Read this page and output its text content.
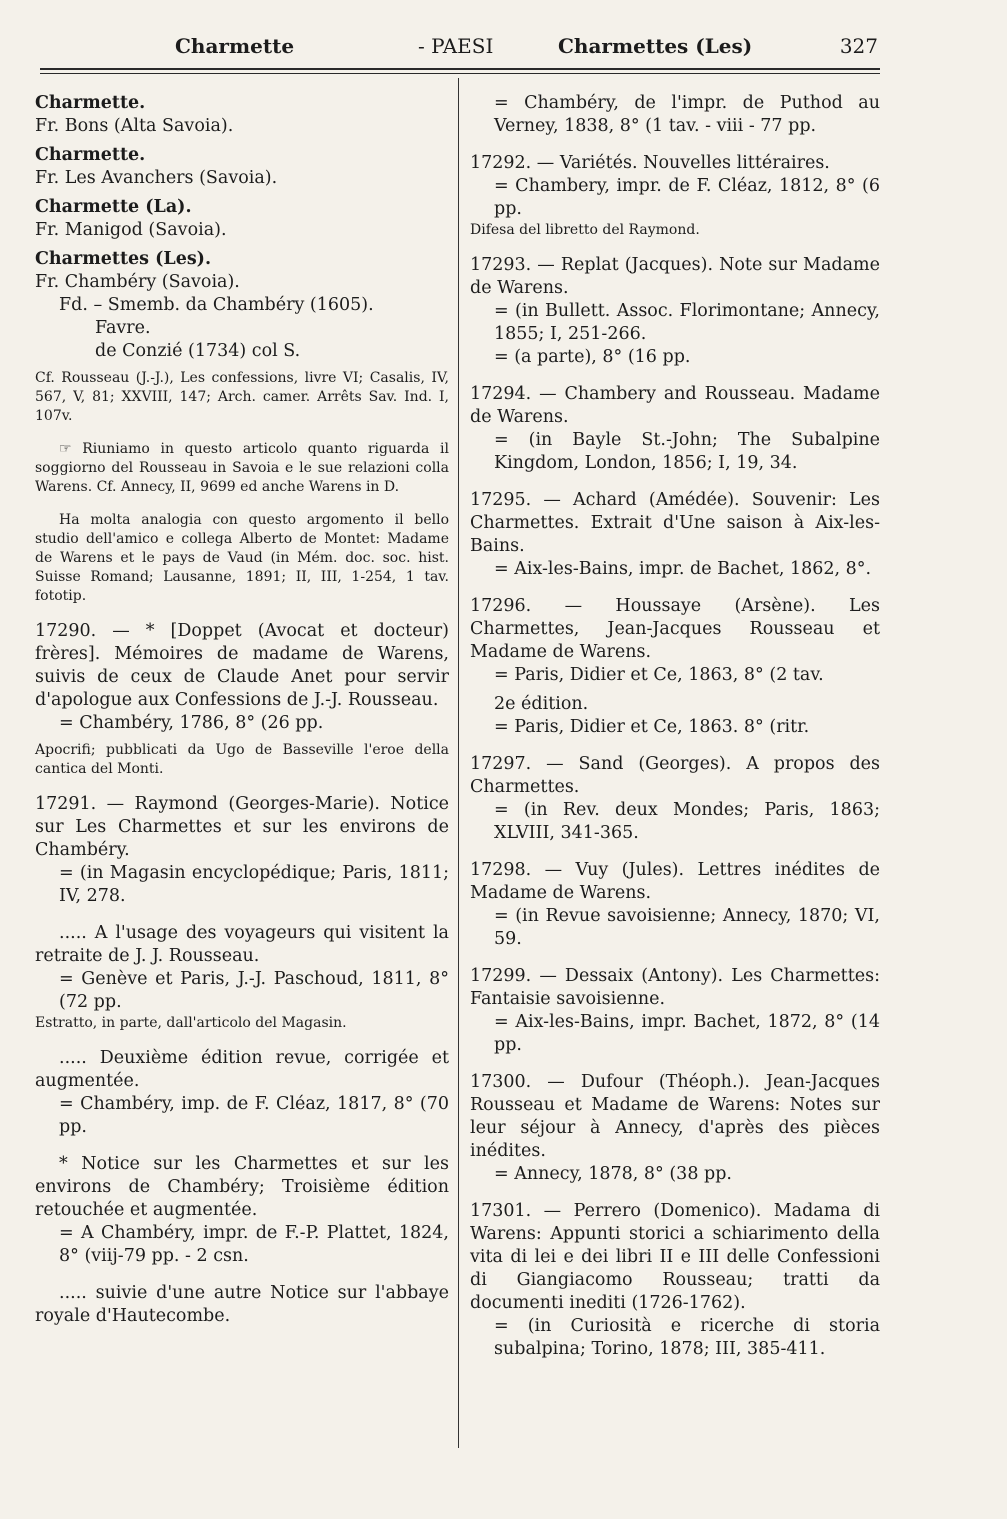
Charmette	- PAESI	Charmettes (Les)	327

Charmette.

Fr. Bons (Alta Savoia).

Charmette.

Fr. Les Avanchers (Savoia).

Charmette (La).

Fr. Manigod (Savoia).

Charmettes (Les).

Fr. Chambéry (Savoia).

Fd. – Smemb. da Chambéry (1605).

Favre.

de Conzié (1734) col S.

Cf. Rousseau (J.-J.), Les confessions, livre VI; Casalis, IV, 567, V, 81; XXVIII, 147; Arch. camer. Arrêts Sav. Ind. I, 107v.

☞ Riuniamo in questo articolo quanto riguarda il soggiorno del Rousseau in Savoia e le sue relazioni colla Warens. Cf. Annecy, II, 9699 ed anche Warens in D.

Ha molta analogia con questo argomento il bello studio dell'amico e collega Alberto de Montet: Madame de Warens et le pays de Vaud (in Mém. doc. soc. hist. Suisse Romand; Lausanne, 1891; II, III, 1-254, 1 tav. fototip.

17290. — * [Doppet (Avocat et docteur) frères]. Mémoires de madame de Warens, suivis de ceux de Claude Anet pour servir d'apologue aux Confessions de J.-J. Rousseau.

= Chambéry, 1786, 8° (26 pp.

Apocrifi; pubblicati da Ugo de Basseville l'eroe della cantica del Monti.

17291. — Raymond (Georges-Marie). Notice sur Les Charmettes et sur les environs de Chambéry.

= (in Magasin encyclopédique; Paris, 1811; IV, 278.

..... A l'usage des voyageurs qui visitent la retraite de J. J. Rousseau.

= Genève et Paris, J.-J. Paschoud, 1811, 8° (72 pp.

Estratto, in parte, dall'articolo del Magasin.

..... Deuxième édition revue, corrigée et augmentée.

= Chambéry, imp. de F. Cléaz, 1817, 8° (70 pp.

* Notice sur les Charmettes et sur les environs de Chambéry; Troisième édition retouchée et augmentée.

= A Chambéry, impr. de F.-P. Plattet, 1824, 8° (viij-79 pp. - 2 csn.

..... suivie d'une autre Notice sur l'abbaye royale d'Hautecombe.

= Chambéry, de l'impr. de Puthod au Verney, 1838, 8° (1 tav. - viii - 77 pp.

17292. — Variétés. Nouvelles littéraires.

= Chambery, impr. de F. Cléaz, 1812, 8° (6 pp.

Difesa del libretto del Raymond.

17293. — Replat (Jacques). Note sur Madame de Warens.

= (in Bullett. Assoc. Florimontane; Annecy, 1855; I, 251-266.

= (a parte), 8° (16 pp.

17294. — Chambery and Rousseau. Madame de Warens.

= (in Bayle St.-John; The Subalpine Kingdom, London, 1856; I, 19, 34.

17295. — Achard (Amédée). Souvenir: Les Charmettes. Extrait d'Une saison à Aix-les-Bains.

= Aix-les-Bains, impr. de Bachet, 1862, 8°.

17296. — Houssaye (Arsène). Les Charmettes, Jean-Jacques Rousseau et Madame de Warens.

= Paris, Didier et Ce, 1863, 8° (2 tav.

2e édition.

= Paris, Didier et Ce, 1863. 8° (ritr.

17297. — Sand (Georges). A propos des Charmettes.

= (in Rev. deux Mondes; Paris, 1863; XLVIII, 341-365.

17298. — Vuy (Jules). Lettres inédites de Madame de Warens.

= (in Revue savoisienne; Annecy, 1870; VI, 59.

17299. — Dessaix (Antony). Les Charmettes: Fantaisie savoisienne.

= Aix-les-Bains, impr. Bachet, 1872, 8° (14 pp.

17300. — Dufour (Théoph.). Jean-Jacques Rousseau et Madame de Warens: Notes sur leur séjour à Annecy, d'après des pièces inédites.

= Annecy, 1878, 8° (38 pp.

17301. — Perrero (Domenico). Madama di Warens: Appunti storici a schiarimento della vita di lei e dei libri II e III delle Confessioni di Giangiacomo Rousseau; tratti da documenti inediti (1726-1762).

= (in Curiosità e ricerche di storia subalpina; Torino, 1878; III, 385-411.
